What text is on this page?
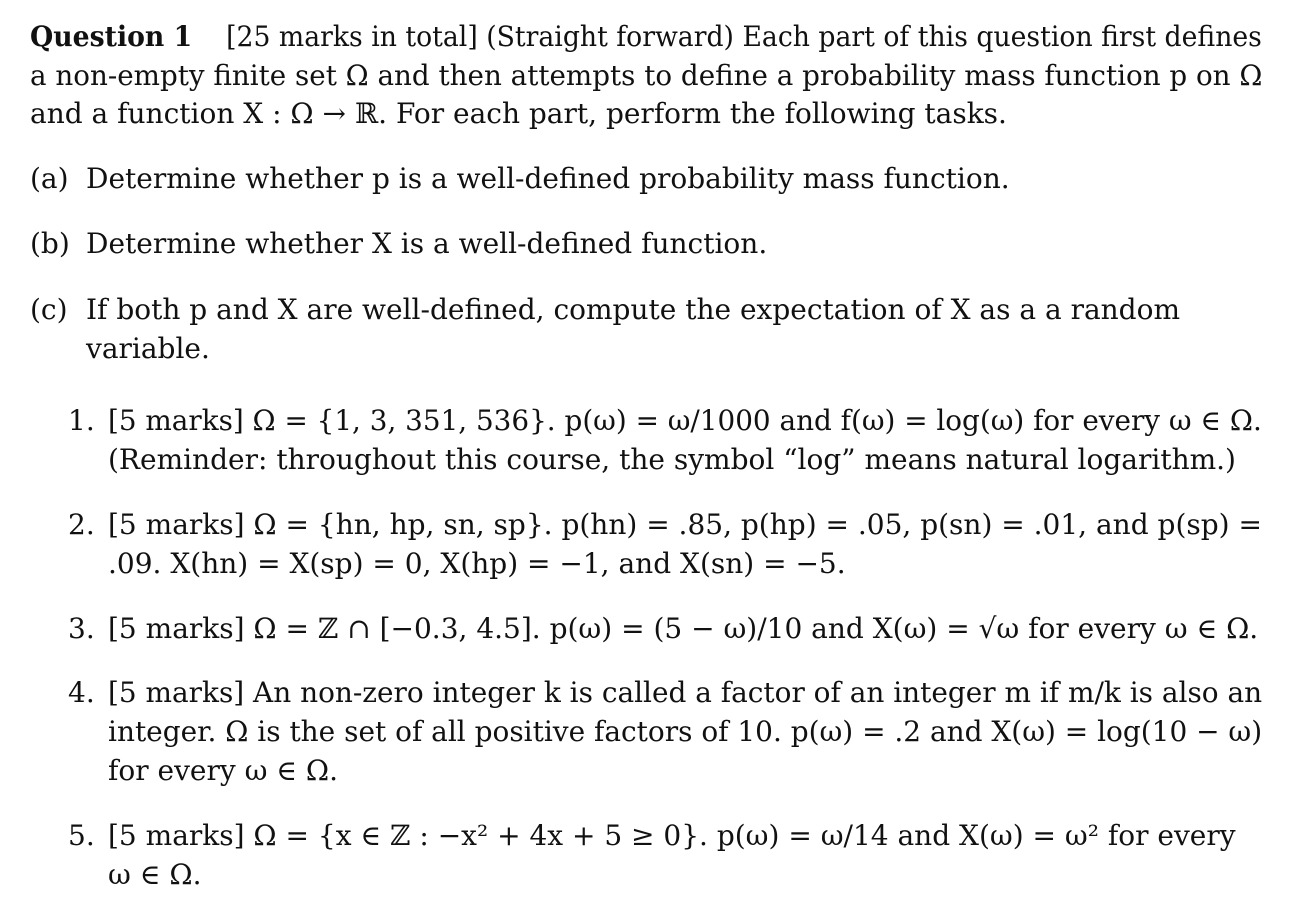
Question 1 [25 marks in total] (Straight forward) Each part of this question first defines
a non-empty finite set Ω and then attempts to define a probability mass function p on Ω
and a function X : Ω → ℝ. For each part, perform the following tasks.
(a) Determine whether p is a well-defined probability mass function.
(b) Determine whether X is a well-defined function.
(c) If both p and X are well-defined, compute the expectation of X as a a random
variable.
1. [5 marks] Ω = {1, 3, 351, 536}. p(ω) = ω/1000 and f(ω) = log(ω) for every ω ∈ Ω.
(Reminder: throughout this course, the symbol “log” means natural logarithm.)
2. [5 marks] Ω = {hn, hp, sn, sp}. p(hn) = .85, p(hp) = .05, p(sn) = .01, and p(sp) =
.09. X(hn) = X(sp) = 0, X(hp) = −1, and X(sn) = −5.
3. [5 marks] Ω = ℤ ∩ [−0.3, 4.5]. p(ω) = (5 − ω)/10 and X(ω) = √ω for every ω ∈ Ω.
4. [5 marks] An non-zero integer k is called a factor of an integer m if m/k is also an
integer. Ω is the set of all positive factors of 10. p(ω) = .2 and X(ω) = log(10 − ω)
for every ω ∈ Ω.
5. [5 marks] Ω = {x ∈ ℤ : −x² + 4x + 5 ≥ 0}. p(ω) = ω/14 and X(ω) = ω² for every
ω ∈ Ω.
